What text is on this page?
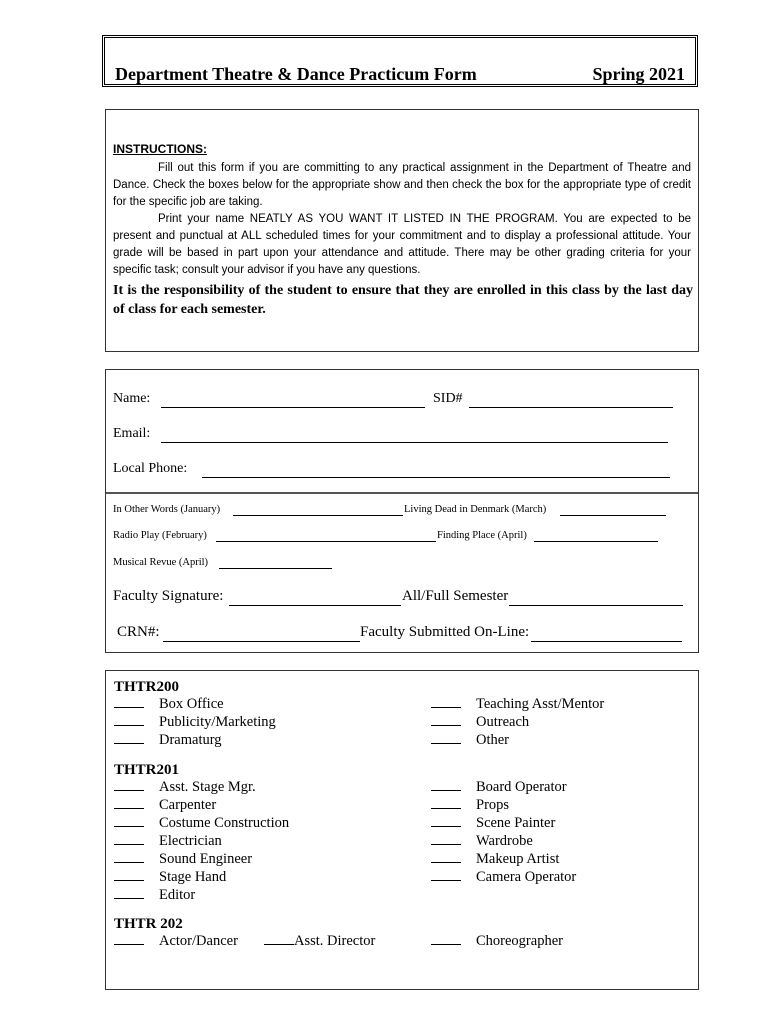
Department Theatre & Dance Practicum Form	Spring 2021
INSTRUCTIONS:

Fill out this form if you are committing to any practical assignment in the Department of Theatre and Dance. Check the boxes below for the appropriate show and then check the box for the appropriate type of credit for the specific job are taking.

Print your name NEATLY AS YOU WANT IT LISTED IN THE PROGRAM. You are expected to be present and punctual at ALL scheduled times for your commitment and to display a professional attitude. Your grade will be based in part upon your attendance and attitude. There may be other grading criteria for your specific task; consult your advisor if you have any questions.

It is the responsibility of the student to ensure that they are enrolled in this class by the last day of class for each semester.
Name:	SID#
Email:
Local Phone:
In Other Words (January)	Living Dead in Denmark (March)
Radio Play (February)	Finding Place (April)
Musical Revue (April)
Faculty Signature:	All/Full Semester
CRN#:	Faculty Submitted On-Line:
THTR200
Box Office
Publicity/Marketing
Dramaturg
Teaching Asst/Mentor
Outreach
Other
THTR201
Asst. Stage Mgr.
Carpenter
Costume Construction
Electrician
Sound Engineer
Stage Hand
Editor
Board Operator
Props
Scene Painter
Wardrobe
Makeup Artist
Camera Operator
THTR 202
Actor/Dancer	Asst. Director	Choreographer
